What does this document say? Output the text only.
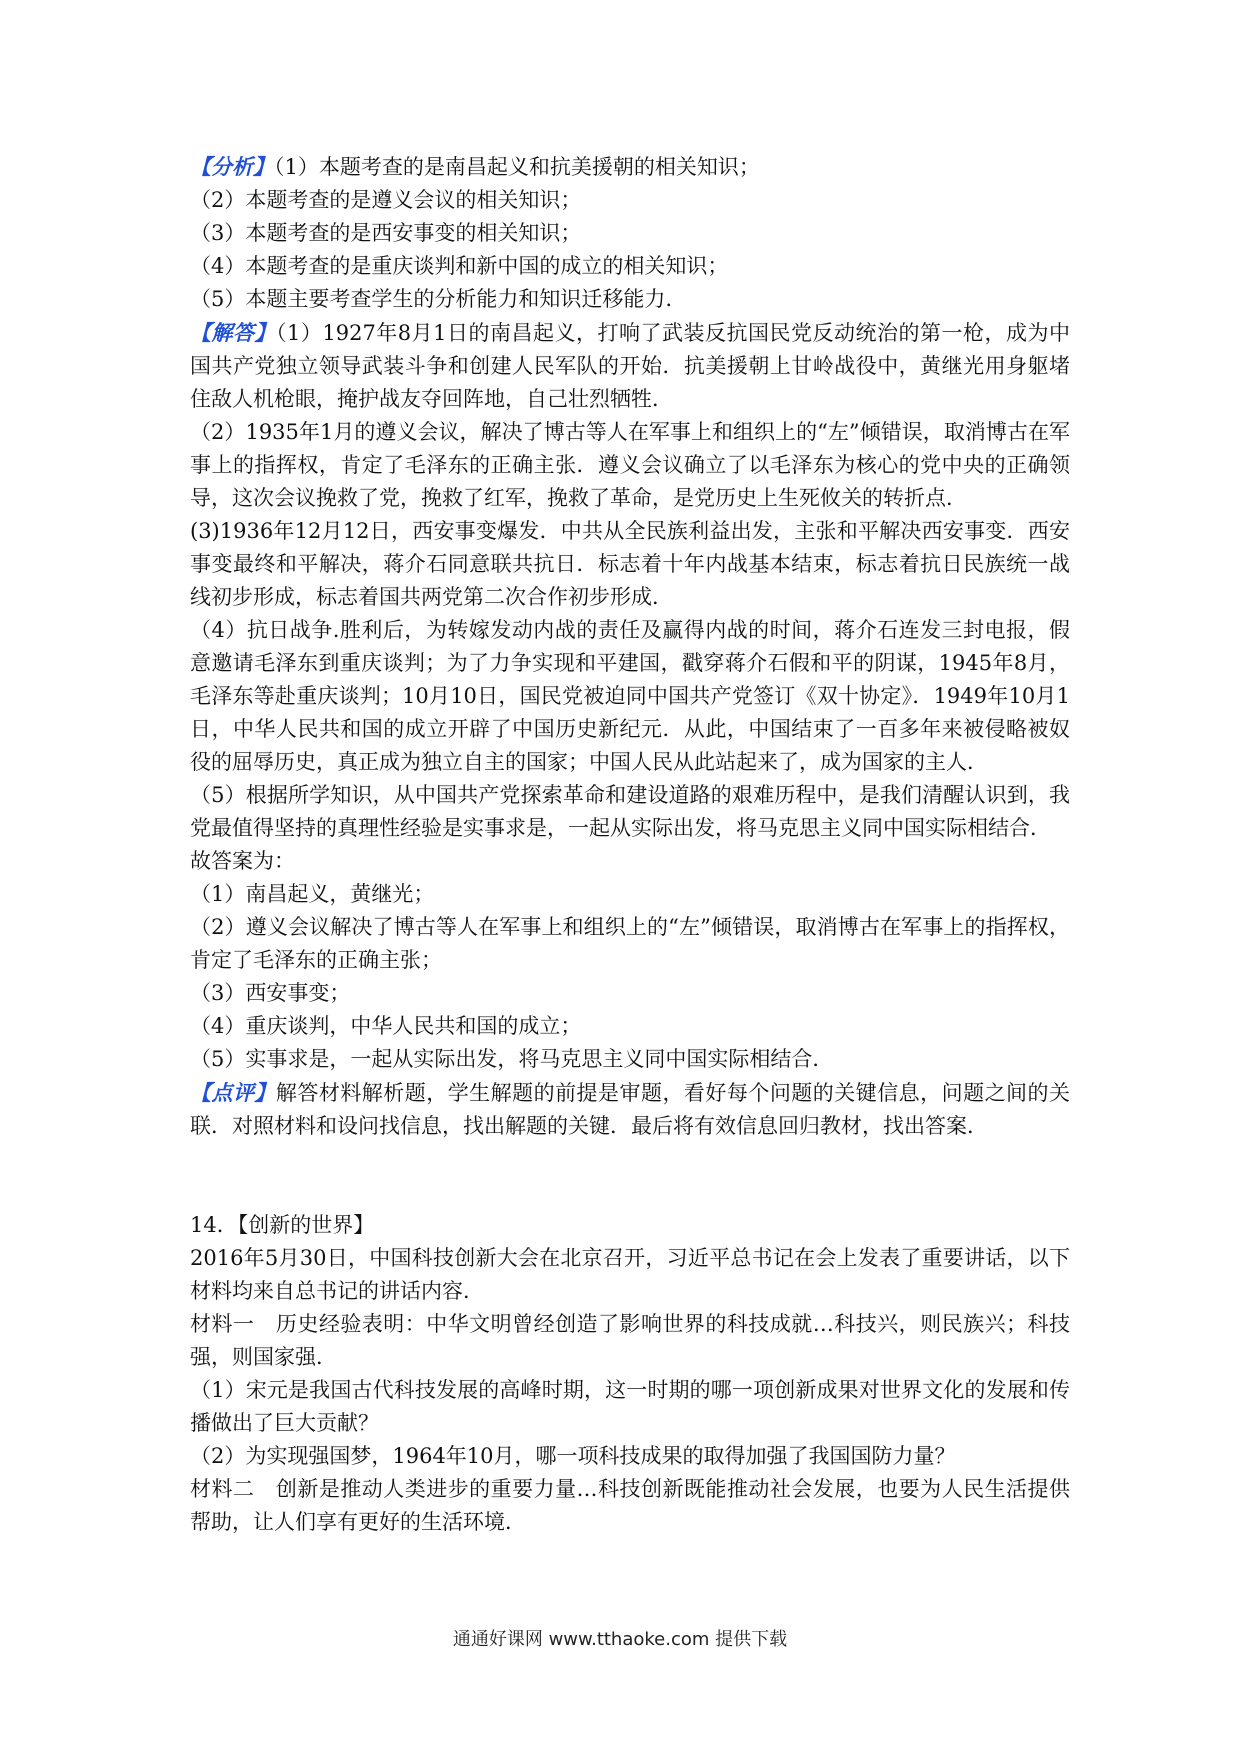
【分析】（1）本题考查的是南昌起义和抗美援朝的相关知识；

（2）本题考查的是遵义会议的相关知识；

（3）本题考查的是西安事变的相关知识；

（4）本题考查的是重庆谈判和新中国的成立的相关知识；

（5）本题主要考查学生的分析能力和知识迁移能力.

【解答】（1）1927年8月1日的南昌起义，打响了武装反抗国民党反动统治的第一枪，成为中国共产党独立领导武装斗争和创建人民军队的开始．抗美援朝上甘岭战役中，黄继光用身躯堵住敌人机枪眼，掩护战友夺回阵地，自己壮烈牺牲．

（2）1935年1月的遵义会议，解决了博古等人在军事上和组织上的“左”倾错误，取消博古在军事上的指挥权，肯定了毛泽东的正确主张．遵义会议确立了以毛泽东为核心的党中央的正确领导，这次会议挽救了党，挽救了红军，挽救了革命，是党历史上生死攸关的转折点．

(3)1936年12月12日，西安事变爆发．中共从全民族利益出发，主张和平解决西安事变．西安事变最终和平解决，蒋介石同意联共抗日．标志着十年内战基本结束，标志着抗日民族统一战线初步形成，标志着国共两党第二次合作初步形成．

（4）抗日战争.胜利后，为转嫁发动内战的责任及赢得内战的时间，蒋介石连发三封电报，假意邀请毛泽东到重庆谈判；为了力争实现和平建国，戳穿蒋介石假和平的阴谋，1945年8月，毛泽东等赴重庆谈判；10月10日，国民党被迫同中国共产党签订《双十协定》．1949年10月1日，中华人民共和国的成立开辟了中国历史新纪元．从此，中国结束了一百多年来被侵略被奴役的屈辱历史，真正成为独立自主的国家；中国人民从此站起来了，成为国家的主人．

（5）根据所学知识，从中国共产党探索革命和建设道路的艰难历程中，是我们清醒认识到，我党最值得坚持的真理性经验是实事求是，一起从实际出发，将马克思主义同中国实际相结合．

故答案为：

（1）南昌起义，黄继光；

（2）遵义会议解决了博古等人在军事上和组织上的“左”倾错误，取消博古在军事上的指挥权，肯定了毛泽东的正确主张；

（3）西安事变；

（4）重庆谈判，中华人民共和国的成立；

（5）实事求是，一起从实际出发，将马克思主义同中国实际相结合．

【点评】解答材料解析题，学生解题的前提是审题，看好每个问题的关键信息，问题之间的关联．对照材料和设问找信息，找出解题的关键．最后将有效信息回归教材，找出答案．

14．【创新的世界】

2016年5月30日，中国科技创新大会在北京召开，习近平总书记在会上发表了重要讲话，以下材料均来自总书记的讲话内容．

材料一　历史经验表明：中华文明曾经创造了影响世界的科技成就…科技兴，则民族兴；科技强，则国家强．

（1）宋元是我国古代科技发展的高峰时期，这一时期的哪一项创新成果对世界文化的发展和传播做出了巨大贡献？

（2）为实现强国梦，1964年10月，哪一项科技成果的取得加强了我国国防力量？

材料二　创新是推动人类进步的重要力量…科技创新既能推动社会发展，也要为人民生活提供帮助，让人们享有更好的生活环境．

通通好课网 www.tthaoke.com 提供下载
